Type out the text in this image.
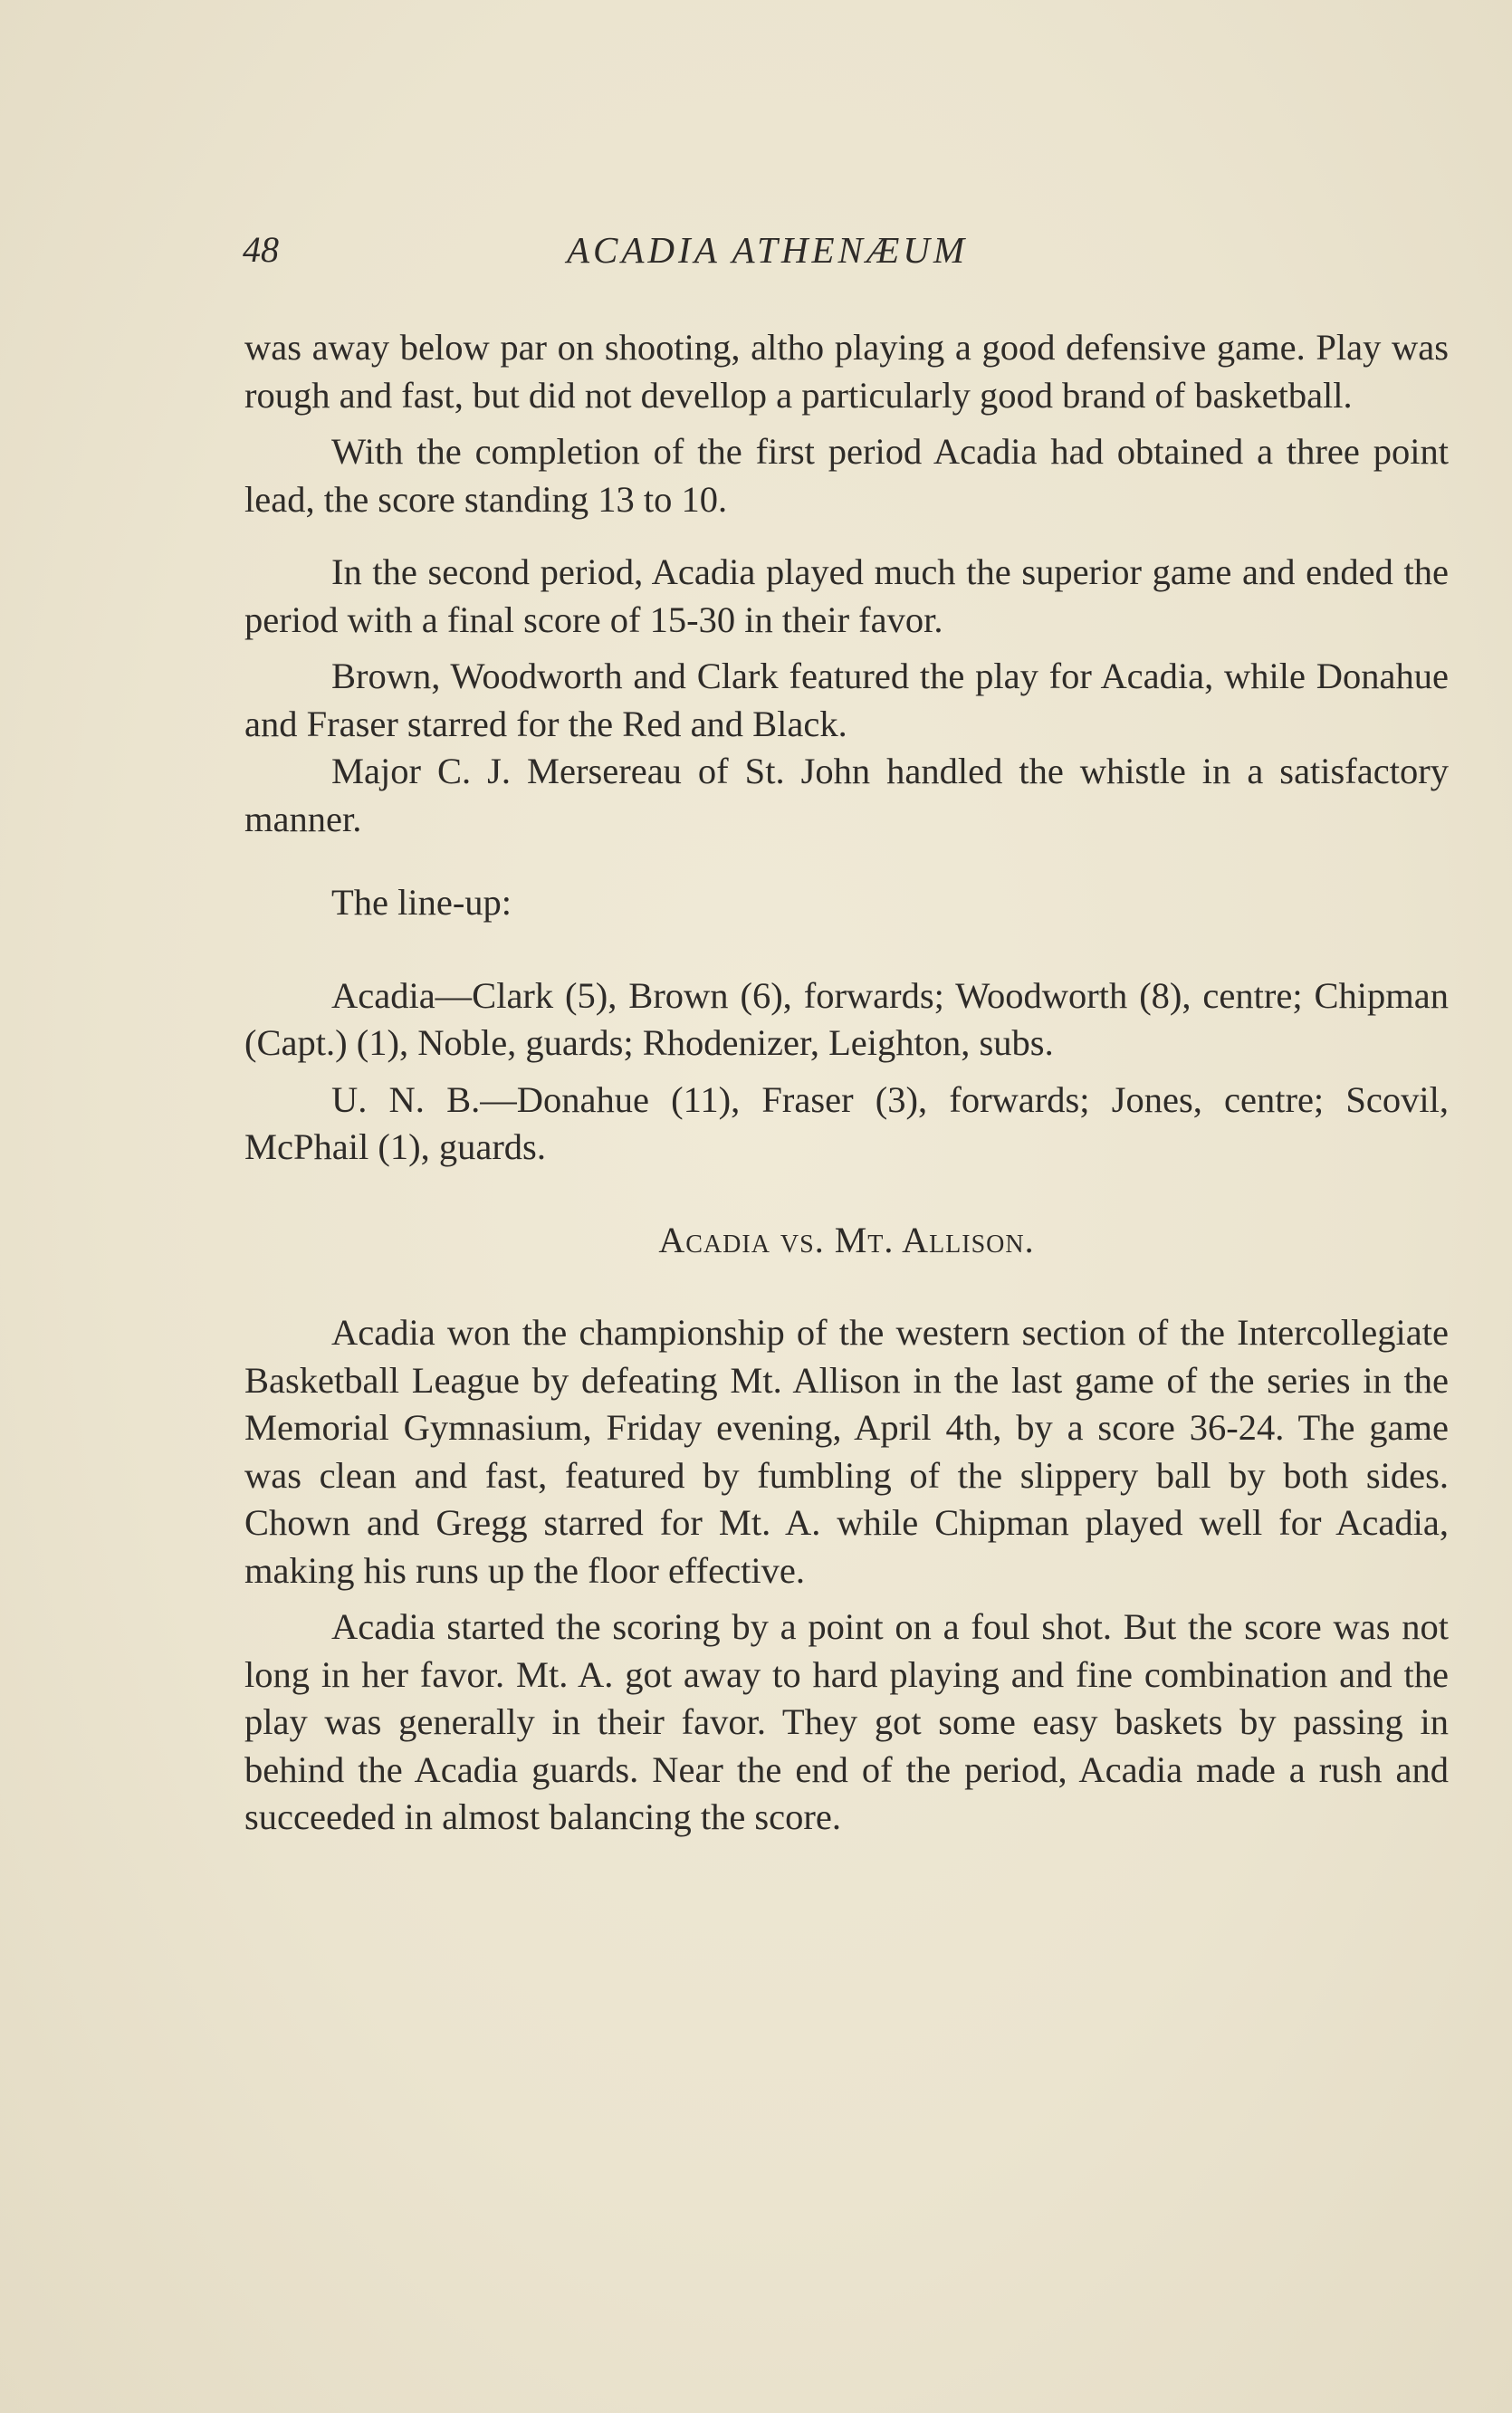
48	ACADIA ATHENÆUM

was away below par on shooting, altho playing a good defensive game. Play was rough and fast, but did not devellop a particularly good brand of basketball.

With the completion of the first period Acadia had obtained a three point lead, the score standing 13 to 10.

In the second period, Acadia played much the superior game and ended the period with a final score of 15-30 in their favor.

Brown, Woodworth and Clark featured the play for Acadia, while Donahue and Fraser starred for the Red and Black.

Major C. J. Mersereau of St. John handled the whistle in a satisfactory manner.

The line-up:

Acadia—Clark (5), Brown (6), forwards; Woodworth (8), centre; Chipman (Capt.) (1), Noble, guards; Rhodenizer, Leighton, subs.

U. N. B.—Donahue (11), Fraser (3), forwards; Jones, centre; Scovil, McPhail (1), guards.

Acadia vs. Mt. Allison.

Acadia won the championship of the western section of the Intercollegiate Basketball League by defeating Mt. Allison in the last game of the series in the Memorial Gymnasium, Friday evening, April 4th, by a score 36-24. The game was clean and fast, featured by fumbling of the slippery ball by both sides. Chown and Gregg starred for Mt. A. while Chipman played well for Acadia, making his runs up the floor effective.

Acadia started the scoring by a point on a foul shot. But the score was not long in her favor. Mt. A. got away to hard playing and fine combination and the play was generally in their favor. They got some easy baskets by passing in behind the Acadia guards. Near the end of the period, Acadia made a rush and succeeded in almost balancing the score.
